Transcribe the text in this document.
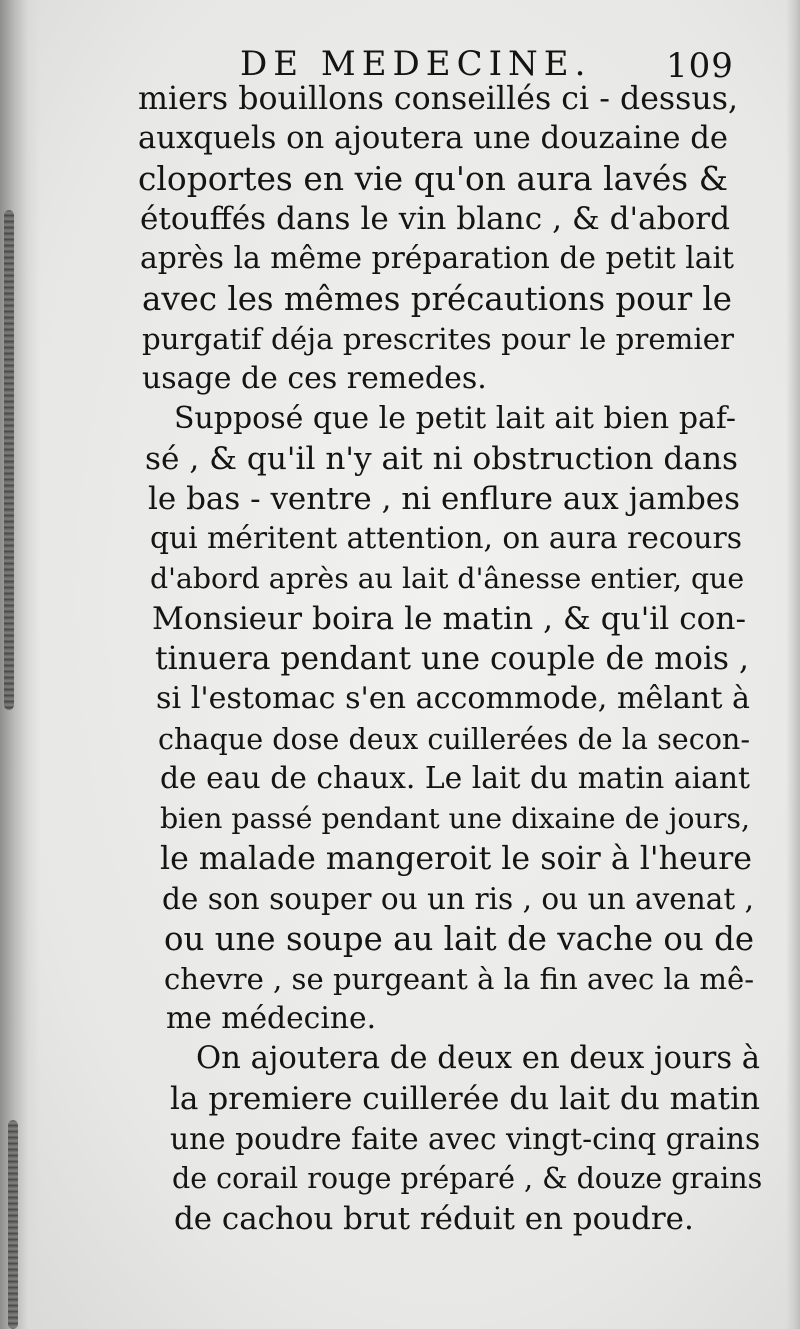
DE MEDECINE.	109
miers bouillons conseillés ci - dessus,
auxquels on ajoutera une douzaine de
cloportes en vie qu'on aura lavés &
étouffés dans le vin blanc , & d'abord
après la même préparation de petit lait
avec les mêmes précautions pour le
purgatif déja prescrites pour le premier
usage de ces remedes.
Supposé que le petit lait ait bien paf-
sé , & qu'il n'y ait ni obstruction dans
le bas - ventre , ni enflure aux jambes
qui méritent attention, on aura recours
d'abord après au lait d'ânesse entier, que
Monsieur boira le matin , & qu'il con-
tinuera pendant une couple de mois ,
si l'estomac s'en accommode, mêlant à
chaque dose deux cuillerées de la secon-
de eau de chaux. Le lait du matin aiant
bien passé pendant une dixaine de jours,
le malade mangeroit le soir à l'heure
de son souper ou un ris , ou un avenat ,
ou une soupe au lait de vache ou de
chevre , se purgeant à la fin avec la mê-
me médecine.
On ajoutera de deux en deux jours à
la premiere cuillerée du lait du matin
une poudre faite avec vingt-cinq grains
de corail rouge préparé , & douze grains
de cachou brut réduit en poudre.
